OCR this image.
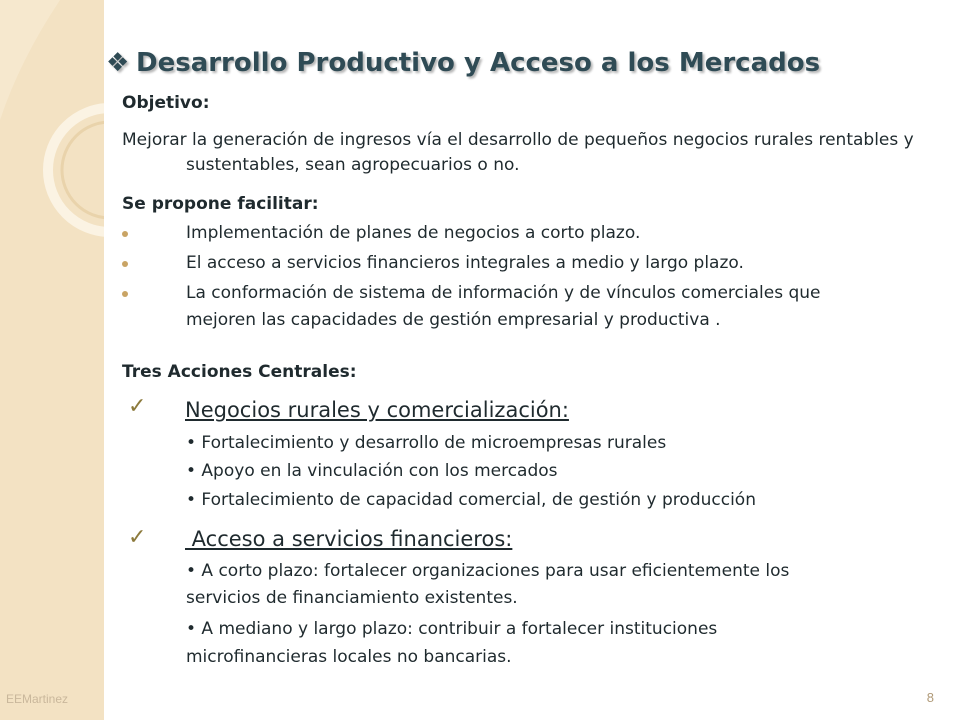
❖ Desarrollo Productivo y Acceso a los Mercados
Objetivo:
Mejorar la generación de ingresos vía el desarrollo de pequeños negocios rurales rentables y sustentables, sean agropecuarios o no.
Se propone facilitar:
Implementación de planes de negocios a corto plazo.
El acceso a servicios financieros integrales a medio y largo plazo.
La conformación de sistema de información y de vínculos comerciales que
mejoren las capacidades de gestión empresarial y productiva .
Tres Acciones Centrales:
✓ Negocios rurales y comercialización:
• Fortalecimiento y desarrollo de microempresas rurales
• Apoyo en la vinculación con los mercados
• Fortalecimiento de capacidad comercial, de gestión y producción
✓ Acceso a servicios financieros:
• A corto plazo: fortalecer organizaciones para usar eficientemente los
servicios de financiamiento existentes.
• A mediano y largo plazo: contribuir a fortalecer instituciones
microfinancieras locales no bancarias.
EEMartinez	8
